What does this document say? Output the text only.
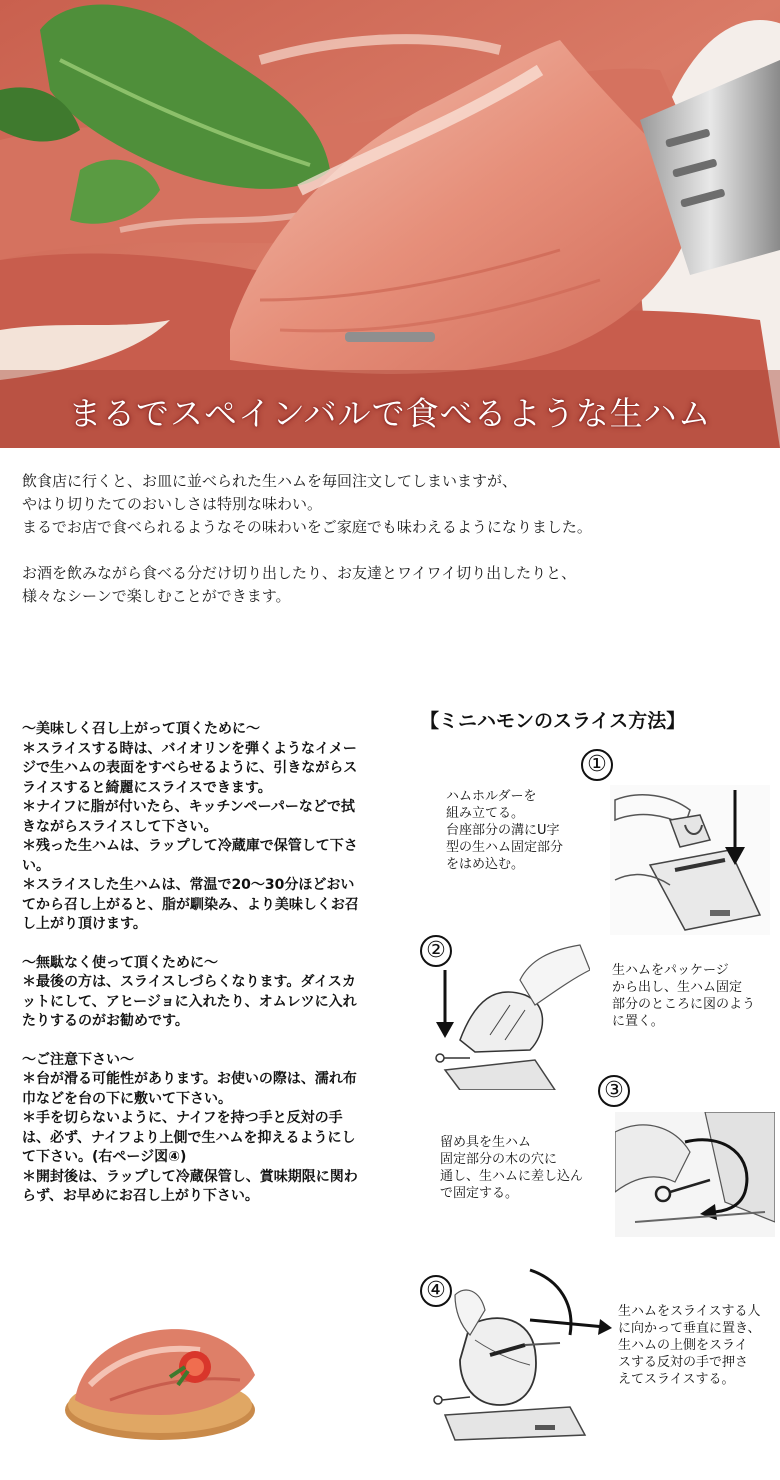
まるでスペインバルで食べるような生ハム

飲食店に行くと、お皿に並べられた生ハムを毎回注文してしまいますが、

やはり切りたてのおいしさは特別な味わい。

まるでお店で食べられるようなその味わいをご家庭でも味わえるようになりました。

お酒を飲みながら食べる分だけ切り出したり、お友達とワイワイ切り出したりと、

様々なシーンで楽しむことができます。

～美味しく召し上がって頂くために～

＊スライスする時は、バイオリンを弾くようなイメージで生ハムの表面をすべらせるように、引きながらスライスすると綺麗にスライスできます。

＊ナイフに脂が付いたら、キッチンペーパーなどで拭きながらスライスして下さい。

＊残った生ハムは、ラップして冷蔵庫で保管して下さい。

＊スライスした生ハムは、常温で20～30分ほどおいてから召し上がると、脂が馴染み、より美味しくお召し上がり頂けます。

～無駄なく使って頂くために～

＊最後の方は、スライスしづらくなります。ダイスカットにして、アヒージョに入れたり、オムレツに入れたりするのがお勧めです。

～ご注意下さい～

＊台が滑る可能性があります。お使いの際は、濡れ布巾などを台の下に敷いて下さい。

＊手を切らないように、ナイフを持つ手と反対の手は、必ず、ナイフより上側で生ハムを抑えるようにして下さい。(右ページ図④)

＊開封後は、ラップして冷蔵保管し、賞味期限に関わらず、お早めにお召し上がり下さい。

【ミニハモンのスライス方法】
①

ハムホルダーを

組み立てる。

台座部分の溝にU字

型の生ハム固定部分

をはめ込む。

②

生ハムをパッケージ

から出し、生ハム固定

部分のところに図のよう

に置く。

③

留め具を生ハム

固定部分の木の穴に

通し、生ハムに差し込ん

で固定する。

④

生ハムをスライスする人

に向かって垂直に置き、

生ハムの上側をスライ

スする反対の手で押さ

えてスライスする。
